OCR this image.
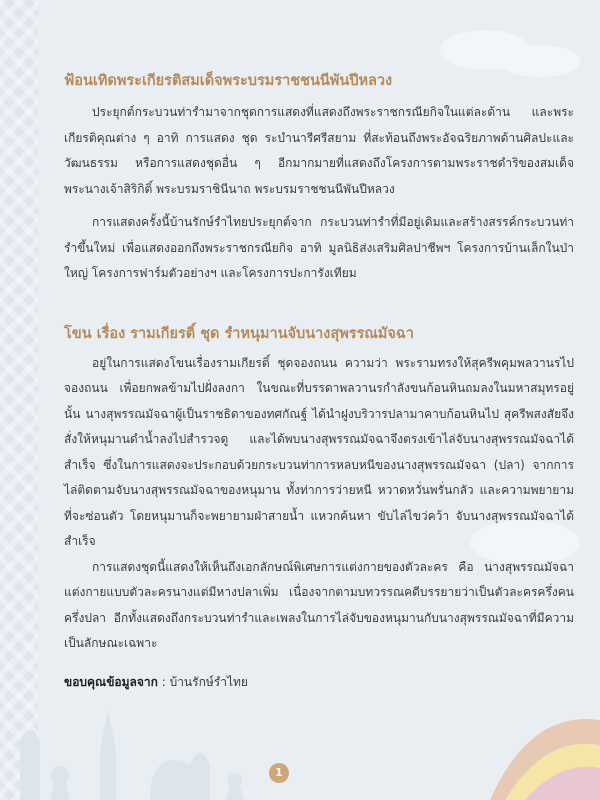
ฟ้อนเทิดพระเกียรติสมเด็จพระบรมราชชนนีพันปีหลวง

ประยุกต์กระบวนท่ารำมาจากชุดการแสดงที่แสดงถึงพระราชกรณียกิจในแต่ละด้าน และพระเกียรติคุณต่าง ๆ อาทิ การแสดง ชุด ระบำนารีศรีสยาม ที่สะท้อนถึงพระอัจฉริยภาพด้านศิลปะและวัฒนธรรม หรือการแสดงชุดอื่น ๆ อีกมากมายที่แสดงถึงโครงการตามพระราชดำริของสมเด็จพระนางเจ้าสิริกิติ์ พระบรมราชินีนาถ พระบรมราชชนนีพันปีหลวง

การแสดงครั้งนี้บ้านรักษ์รำไทยประยุกต์จาก กระบวนท่ารำที่มีอยู่เดิมและสร้างสรรค์กระบวนท่ารำขึ้นใหม่ เพื่อแสดงออกถึงพระราชกรณียกิจ อาทิ มูลนิธิส่งเสริมศิลปาชีพฯ โครงการบ้านเล็กในป่าใหญ่ โครงการฟาร์มตัวอย่างฯ และโครงการปะการังเทียม

โขน เรื่อง รามเกียรติ์ ชุด รำหนุมานจับนางสุพรรณมัจฉา

อยู่ในการแสดงโขนเรื่องรามเกียรติ์ ชุดจองถนน ความว่า พระรามทรงให้สุครีพคุมพลวานรไปจองถนน เพื่อยกพลข้ามไปฝั่งลงกา ในขณะที่บรรดาพลวานรกำลังขนก้อนหินถมลงในมหาสมุทรอยู่นั้น นางสุพรรณมัจฉาผู้เป็นราชธิดาของทศกัณฐ์ ได้นำฝูงบริวารปลามาคาบก้อนหินไป สุครีพสงสัยจึงสั่งให้หนุมานดำน้ำลงไปสำรวจดู และได้พบนางสุพรรณมัจฉาจึงตรงเข้าไล่จับนางสุพรรณมัจฉาได้สำเร็จ ซึ่งในการแสดงจะประกอบด้วยกระบวนท่าการหลบหนีของนางสุพรรณมัจฉา (ปลา) จากการไล่ติดตามจับนางสุพรรณมัจฉาของหนุมาน ทั้งท่าการว่ายหนี หวาดหวั่นพรั่นกลัว และความพยายามที่จะซ่อนตัว โดยหนุมานก็จะพยายามฝ่าสายน้ำ แหวกค้นหา ขับไล่ไขว่คว้า จับนางสุพรรณมัจฉาได้สำเร็จ

การแสดงชุดนี้แสดงให้เห็นถึงเอกลักษณ์พิเศษการแต่งกายของตัวละคร คือ นางสุพรรณมัจฉาแต่งกายแบบตัวละครนางแต่มีหางปลาเพิ่ม เนื่องจากตามบทวรรณคดีบรรยายว่าเป็นตัวละครครึ่งคนครึ่งปลา อีกทั้งแสดงถึงกระบวนท่ารำและเพลงในการไล่จับของหนุมานกับนางสุพรรณมัจฉาที่มีความเป็นลักษณะเฉพาะ

ขอบคุณข้อมูลจาก : บ้านรักษ์รำไทย
1
